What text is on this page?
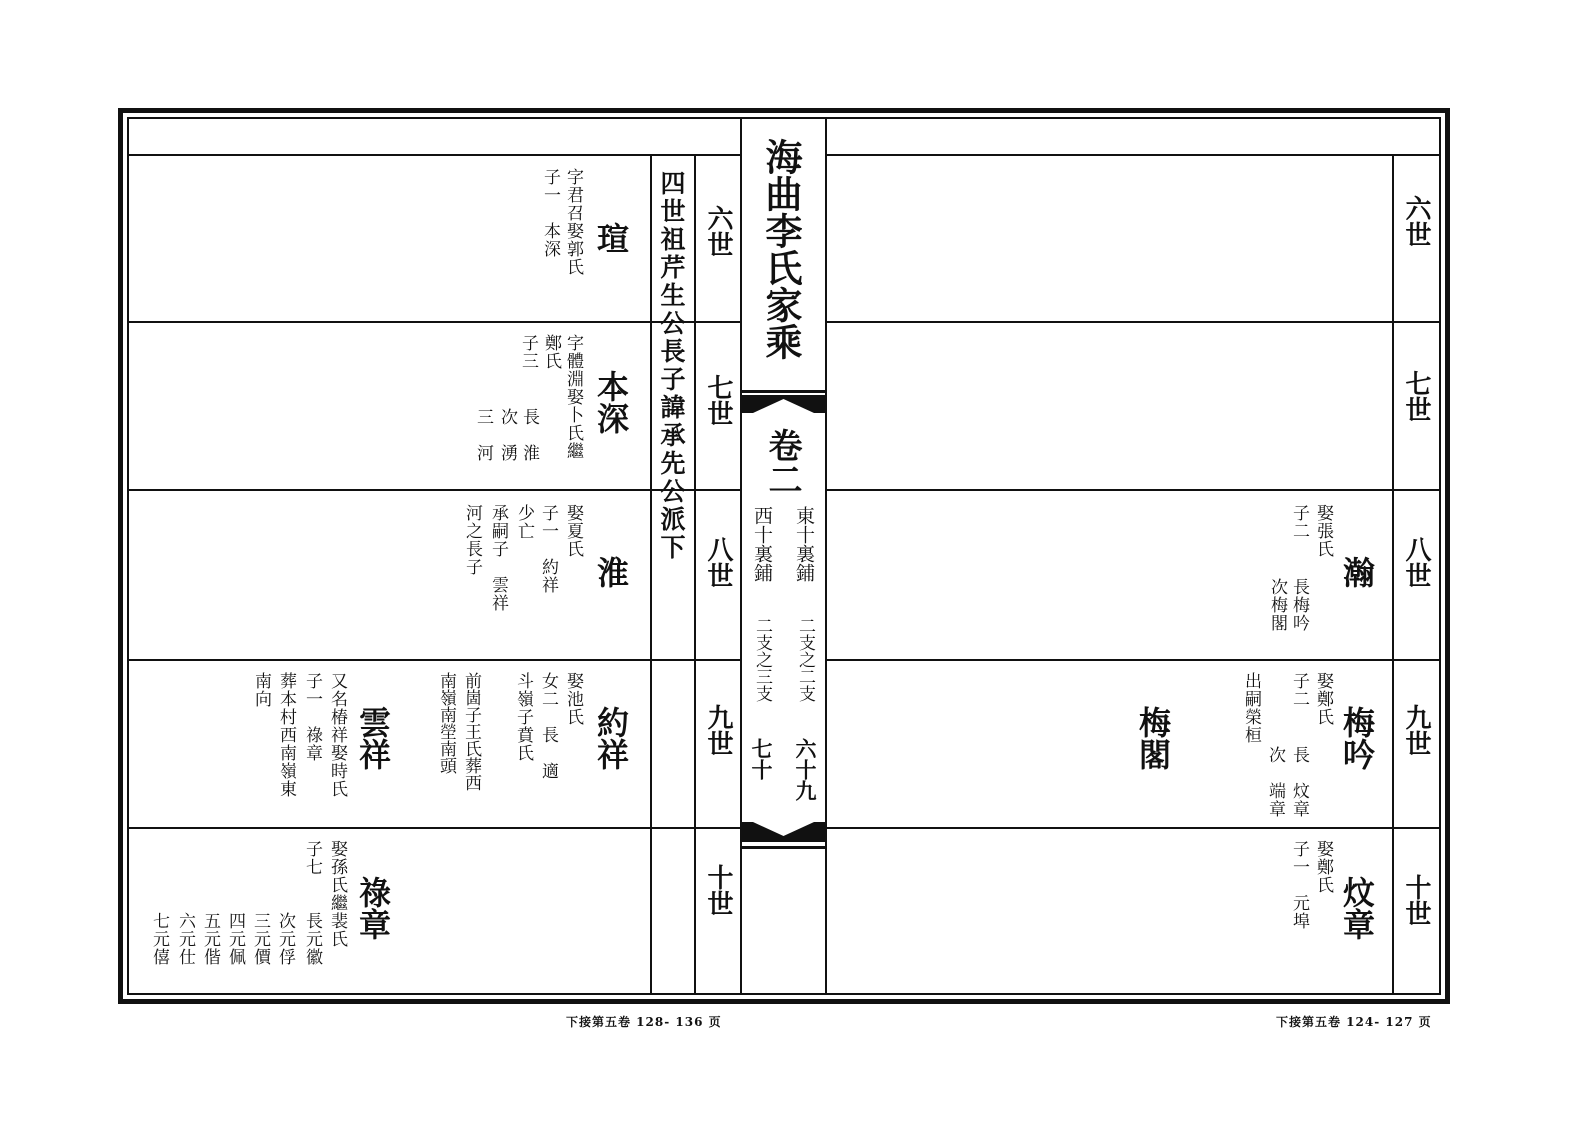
海曲李氏家乘
卷二
東十裏鋪
西十裏鋪
二支之二支
二支之三支
六十九
七十
四世祖芹生公長子諱承先公派下 六世
七世
八世
九世
十世
六世
七世
八世
九世
十世
瑄
字君召娶郭氏
子一　本深
本深
字體淵娶卜氏繼
鄭氏
子三
長　淮
次　湧
三　河
淮
娶夏氏
子一　約祥
少亡
承嗣子　雲祥
河之長子
約祥
娶池氏
女二　長　適
斗嶺子賁氏
前崮子王氏葬西
南嶺南塋南頭
雲祥
又名椿祥娶時氏
子一　祿章
葬本村西南嶺東
南向
祿章
娶孫氏繼裴氏
子七
長元徽
次元俘
三元價
四元佩
五元偕
六元仕
七元僖
瀚
娶張氏
子二
長梅吟
次梅閣
梅吟
娶鄭氏
子二
長　炆章
次　端章
出嗣榮桓
梅閣
炆章
娶鄭氏
子一　元埠
下接第五卷 128- 136 页	下接第五卷 124- 127 页
